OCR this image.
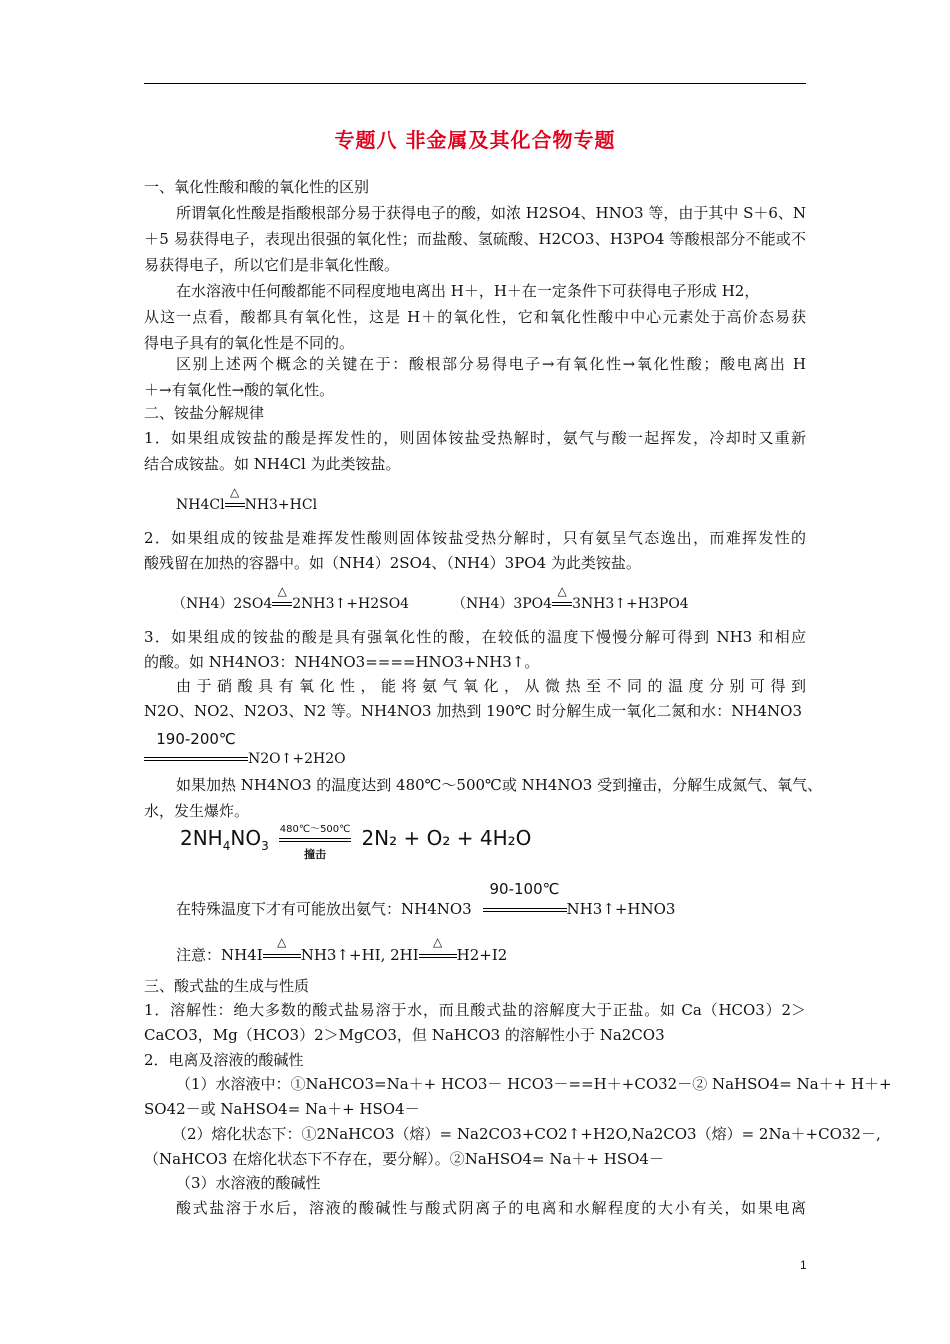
专题八 非金属及其化合物专题
一、氧化性酸和酸的氧化性的区别
所谓氧化性酸是指酸根部分易于获得电子的酸，如浓 H2SO4、HNO3 等，由于其中 S＋6、N
＋5 易获得电子，表现出很强的氧化性；而盐酸、氢硫酸、H2CO3、H3PO4 等酸根部分不能或不
易获得电子，所以它们是非氧化性酸。
在水溶液中任何酸都能不同程度地电离出 H＋，H＋在一定条件下可获得电子形成 H2，
从这一点看，酸都具有氧化性，这是 H＋的氧化性，它和氧化性酸中中心元素处于高价态易获
得电子具有的氧化性是不同的。
区别上述两个概念的关键在于：酸根部分易得电子→有氧化性→氧化性酸；酸电离出 H
＋→有氧化性→酸的氧化性。
二、铵盐分解规律
1．如果组成铵盐的酸是挥发性的，则固体铵盐受热解时，氨气与酸一起挥发，冷却时又重新
结合成铵盐。如 NH4Cl 为此类铵盐。
NH4Cl △ NH3+HCl
2．如果组成的铵盐是难挥发性酸则固体铵盐受热分解时，只有氨呈气态逸出，而难挥发性的
酸残留在加热的容器中。如（NH4）2SO4、（NH4）3PO4 为此类铵盐。
（NH4）2SO4 △ 2NH3↑+H2SO4	（NH4）3PO4 △ 3NH3↑+H3PO4
3．如果组成的铵盐的酸是具有强氧化性的酸，在较低的温度下慢慢分解可得到 NH3 和相应
的酸。如 NH4NO3：NH4NO3====HNO3+NH3↑。
由于硝酸具有氧化性，能将氨气氧化，从微热至不同的温度分别可得到
N2O、NO2、N2O3、N2 等。NH4NO3 加热到 190℃ 时分解生成一氧化二氮和水：NH4NO3
190-200℃
N2O↑+2H2O
如果加热 NH4NO3 的温度达到 480℃～500℃或 NH4NO3 受到撞击，分解生成氮气、氧气、
水，发生爆炸。
$2NH_4NO_3$
480℃～500℃
撞击
2N₂ + O₂ + 4H₂O
在特殊温度下才有可能放出氨气：NH4NO3
90-100℃
NH3↑+HNO3
注意：NH4I △	NH3↑+HI, 2HI △	H2+I2
三、酸式盐的生成与性质
1．溶解性：绝大多数的酸式盐易溶于水，而且酸式盐的溶解度大于正盐。如 Ca（HCO3）2＞
CaCO3，Mg（HCO3）2＞MgCO3，但 NaHCO3 的溶解性小于 Na2CO3
2．电离及溶液的酸碱性
（1）水溶液中：①NaHCO3=Na＋+ HCO3－ HCO3－==H＋+CO32－② NaHSO4= Na＋+ H＋+
SO42－或 NaHSO4= Na＋+ HSO4－
（2）熔化状态下：①2NaHCO3（熔）= Na2CO3+CO2↑+H2O,Na2CO3（熔）= 2Na＋+CO32－,
（NaHCO3 在熔化状态下不存在，要分解）。②NaHSO4= Na＋+ HSO4－
（3）水溶液的酸碱性
酸式盐溶于水后，溶液的酸碱性与酸式阴离子的电离和水解程度的大小有关，如果电离
1
